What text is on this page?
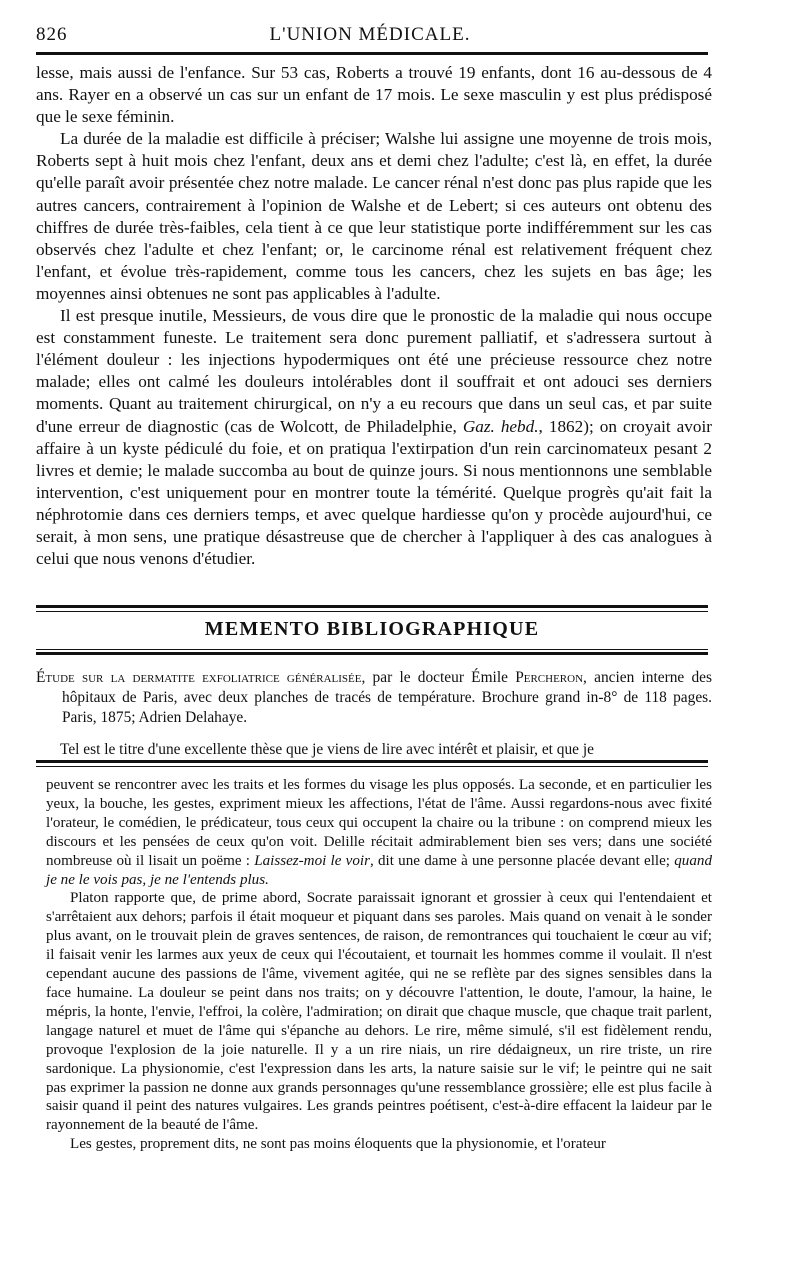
826	L'UNION MÉDICALE.

lesse, mais aussi de l'enfance. Sur 53 cas, Roberts a trouvé 19 enfants, dont 16 au-dessous de 4 ans. Rayer en a observé un cas sur un enfant de 17 mois. Le sexe masculin y est plus prédisposé que le sexe féminin.

La durée de la maladie est difficile à préciser; Walshe lui assigne une moyenne de trois mois, Roberts sept à huit mois chez l'enfant, deux ans et demi chez l'adulte; c'est là, en effet, la durée qu'elle paraît avoir présentée chez notre malade. Le cancer rénal n'est donc pas plus rapide que les autres cancers, contrairement à l'opinion de Walshe et de Lebert; si ces auteurs ont obtenu des chiffres de durée très-faibles, cela tient à ce que leur statistique porte indifféremment sur les cas observés chez l'adulte et chez l'enfant; or, le carcinome rénal est relativement fréquent chez l'enfant, et évolue très-rapidement, comme tous les cancers, chez les sujets en bas âge; les moyennes ainsi obtenues ne sont pas applicables à l'adulte.

Il est presque inutile, Messieurs, de vous dire que le pronostic de la maladie qui nous occupe est constamment funeste. Le traitement sera donc purement palliatif, et s'adressera surtout à l'élément douleur : les injections hypodermiques ont été une précieuse ressource chez notre malade; elles ont calmé les douleurs intolérables dont il souffrait et ont adouci ses derniers moments. Quant au traitement chirurgical, on n'y a eu recours que dans un seul cas, et par suite d'une erreur de diagnostic (cas de Wolcott, de Philadelphie, Gaz. hebd., 1862); on croyait avoir affaire à un kyste pédiculé du foie, et on pratiqua l'extirpation d'un rein carcinomateux pesant 2 livres et demie; le malade succomba au bout de quinze jours. Si nous mentionnons une semblable intervention, c'est uniquement pour en montrer toute la témérité. Quelque progrès qu'ait fait la néphrotomie dans ces derniers temps, et avec quelque hardiesse qu'on y procède aujourd'hui, ce serait, à mon sens, une pratique désastreuse que de chercher à l'appliquer à des cas analogues à celui que nous venons d'étudier.

MEMENTO BIBLIOGRAPHIQUE

Étude sur la dermatite exfoliatrice généralisée, par le docteur Émile Percheron, ancien interne des hôpitaux de Paris, avec deux planches de tracés de température. Brochure grand in-8° de 118 pages. Paris, 1875; Adrien Delahaye.

Tel est le titre d'une excellente thèse que je viens de lire avec intérêt et plaisir, et que je

peuvent se rencontrer avec les traits et les formes du visage les plus opposés. La seconde, et en particulier les yeux, la bouche, les gestes, expriment mieux les affections, l'état de l'âme. Aussi regardons-nous avec fixité l'orateur, le comédien, le prédicateur, tous ceux qui occupent la chaire ou la tribune : on comprend mieux les discours et les pensées de ceux qu'on voit. Delille récitait admirablement bien ses vers; dans une société nombreuse où il lisait un poëme : Laissez-moi le voir, dit une dame à une personne placée devant elle; quand je ne le vois pas, je ne l'entends plus.

Platon rapporte que, de prime abord, Socrate paraissait ignorant et grossier à ceux qui l'entendaient et s'arrêtaient aux dehors; parfois il était moqueur et piquant dans ses paroles. Mais quand on venait à le sonder plus avant, on le trouvait plein de graves sentences, de raison, de remontrances qui touchaient le cœur au vif; il faisait venir les larmes aux yeux de ceux qui l'écoutaient, et tournait les hommes comme il voulait. Il n'est cependant aucune des passions de l'âme, vivement agitée, qui ne se reflète par des signes sensibles dans la face humaine. La douleur se peint dans nos traits; on y découvre l'attention, le doute, l'amour, la haine, le mépris, la honte, l'envie, l'effroi, la colère, l'admiration; on dirait que chaque muscle, que chaque trait parlent, langage naturel et muet de l'âme qui s'épanche au dehors. Le rire, même simulé, s'il est fidèlement rendu, provoque l'explosion de la joie naturelle. Il y a un rire niais, un rire dédaigneux, un rire triste, un rire sardonique. La physionomie, c'est l'expression dans les arts, la nature saisie sur le vif; le peintre qui ne sait pas exprimer la passion ne donne aux grands personnages qu'une ressemblance grossière; elle est plus facile à saisir quand il peint des natures vulgaires. Les grands peintres poétisent, c'est-à-dire effacent la laideur par le rayonnement de la beauté de l'âme.

Les gestes, proprement dits, ne sont pas moins éloquents que la physionomie, et l'orateur
